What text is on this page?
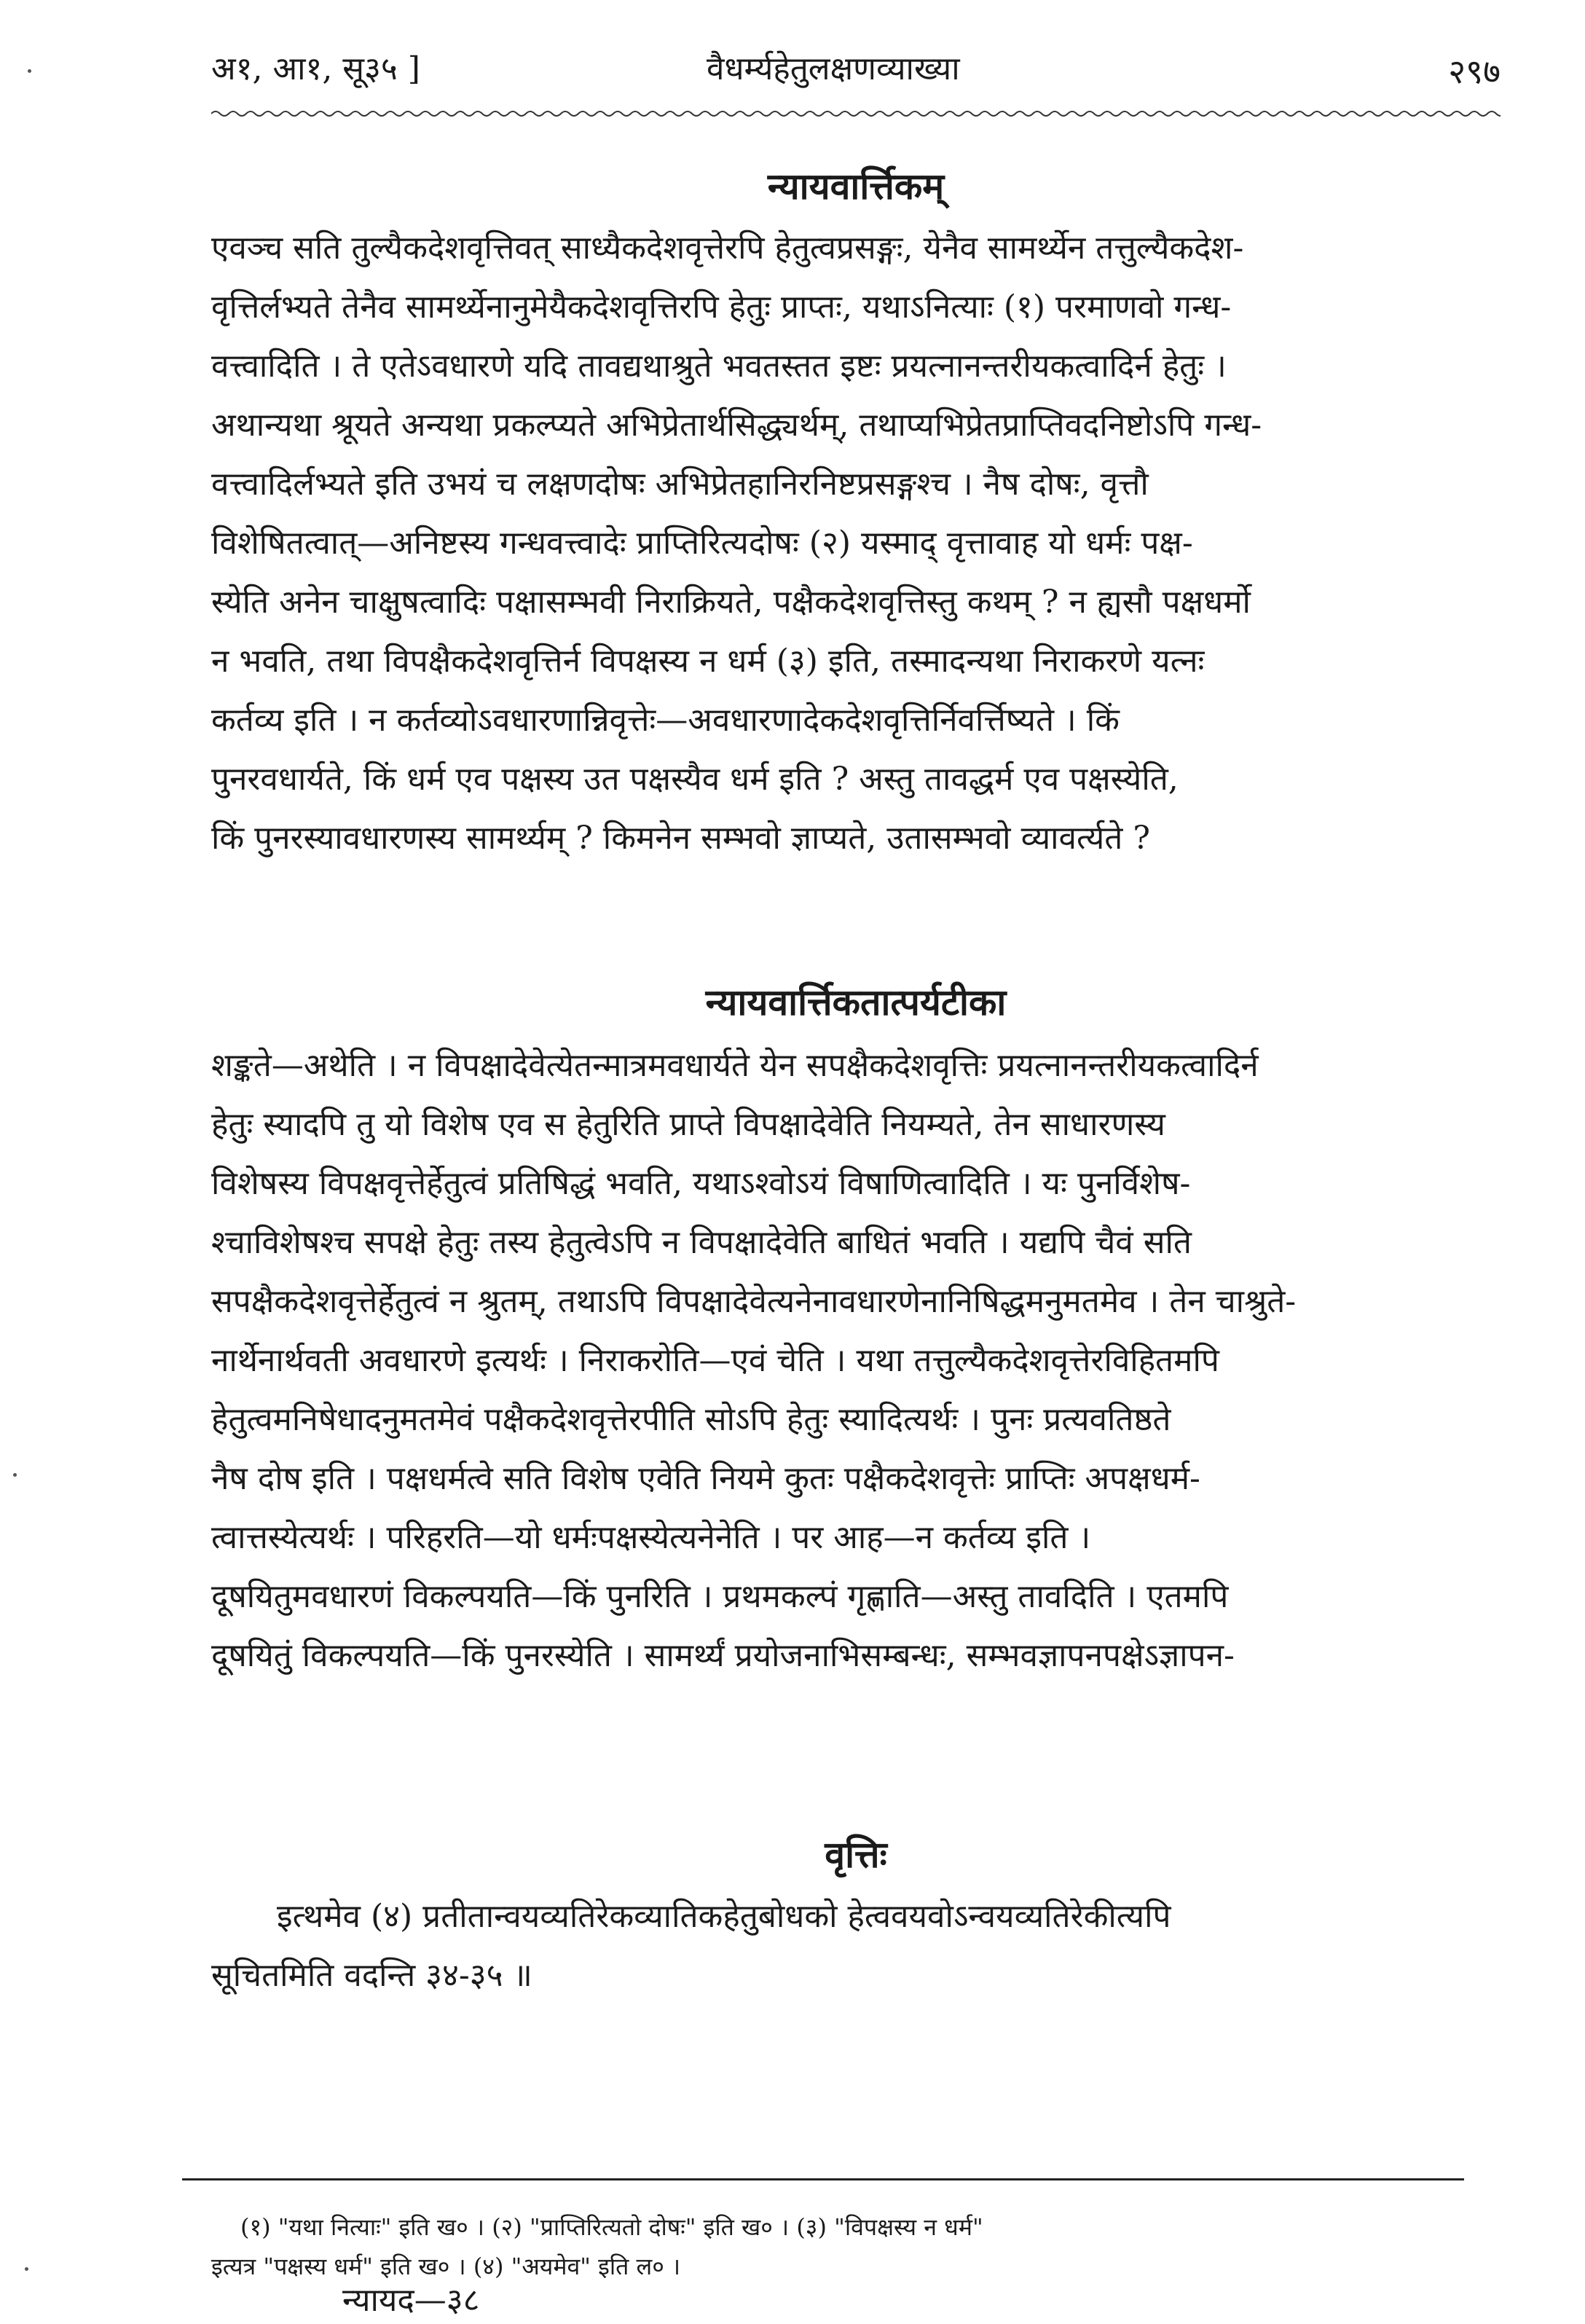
अ१, आ१, सू३५ ]	वैधर्म्यहेतुलक्षणव्याख्या	२९७
न्यायवार्त्तिकम्

एवञ्च सति तुल्यैकदेशवृत्तिवत् साध्यैकदेशवृत्तेरपि हेतुत्वप्रसङ्गः, येनैव सामर्थ्येन तत्तुल्यैकदेश-
वृत्तिर्लभ्यते तेनैव सामर्थ्येनानुमेयैकदेशवृत्तिरपि हेतुः प्राप्तः, यथाऽनित्याः (१) परमाणवो गन्ध-
वत्त्वादिति । ते एतेऽवधारणे यदि तावद्यथाश्रुते भवतस्तत इष्टः प्रयत्नानन्तरीयकत्वादिर्न हेतुः ।
अथान्यथा श्रूयते अन्यथा प्रकल्प्यते अभिप्रेतार्थसिद्ध्यर्थम्, तथाप्यभिप्रेतप्राप्तिवदनिष्टोऽपि गन्ध-
वत्त्वादिर्लभ्यते इति उभयं च लक्षणदोषः अभिप्रेतहानिरनिष्टप्रसङ्गश्च । नैष दोषः, वृत्तौ
विशेषितत्वात्—अनिष्टस्य गन्धवत्त्वादेः प्राप्तिरित्यदोषः (२) यस्माद् वृत्तावाह यो धर्मः पक्ष-
स्येति अनेन चाक्षुषत्वादिः पक्षासम्भवी निराक्रियते, पक्षैकदेशवृत्तिस्तु कथम् ? न ह्यसौ पक्षधर्मो
न भवति, तथा विपक्षैकदेशवृत्तिर्न विपक्षस्य न धर्म (३) इति, तस्मादन्यथा निराकरणे यत्नः
कर्तव्य इति । न कर्तव्योऽवधारणान्निवृत्तेः—अवधारणादेकदेशवृत्तिर्निवर्त्तिष्यते । किं
पुनरवधार्यते, किं धर्म एव पक्षस्य उत पक्षस्यैव धर्म इति ? अस्तु तावद्धर्म एव पक्षस्येति,
किं पुनरस्यावधारणस्य सामर्थ्यम् ? किमनेन सम्भवो ज्ञाप्यते, उतासम्भवो व्यावर्त्यते ?

न्यायवार्त्तिकतात्पर्यटीका

शङ्कते—अथेति । न विपक्षादेवेत्येतन्मात्रमवधार्यते येन सपक्षैकदेशवृत्तिः प्रयत्नानन्तरीयकत्वादिर्न
हेतुः स्यादपि तु यो विशेष एव स हेतुरिति प्राप्ते विपक्षादेवेति नियम्यते, तेन साधारणस्य
विशेषस्य विपक्षवृत्तेर्हेतुत्वं प्रतिषिद्धं भवति, यथाऽश्वोऽयं विषाणित्वादिति । यः पुनर्विशेष-
श्चाविशेषश्च सपक्षे हेतुः तस्य हेतुत्वेऽपि न विपक्षादेवेति बाधितं भवति । यद्यपि चैवं सति
सपक्षैकदेशवृत्तेर्हेतुत्वं न श्रुतम्, तथाऽपि विपक्षादेवेत्यनेनावधारणेनानिषिद्धमनुमतमेव । तेन चाश्रुते-
नार्थेनार्थवती अवधारणे इत्यर्थः । निराकरोति—एवं चेति । यथा तत्तुल्यैकदेशवृत्तेरविहितमपि
हेतुत्वमनिषेधादनुमतमेवं पक्षैकदेशवृत्तेरपीति सोऽपि हेतुः स्यादित्यर्थः । पुनः प्रत्यवतिष्ठते
नैष दोष इति । पक्षधर्मत्वे सति विशेष एवेति नियमे कुतः पक्षैकदेशवृत्तेः प्राप्तिः अपक्षधर्म-
त्वात्तस्येत्यर्थः । परिहरति—यो धर्मःपक्षस्येत्यनेनेति । पर आह—न कर्तव्य इति ।
दूषयितुमवधारणं विकल्पयति—किं पुनरिति । प्रथमकल्पं गृह्णाति—अस्तु तावदिति । एतमपि
दूषयितुं विकल्पयति—किं पुनरस्येति । सामर्थ्यं प्रयोजनाभिसम्बन्धः, सम्भवज्ञापनपक्षेऽज्ञापन-

वृत्तिः

इत्थमेव (४) प्रतीतान्वयव्यतिरेकव्यातिकहेतुबोधको हेत्ववयवोऽन्वयव्यतिरेकीत्यपि
सूचितमिति वदन्ति ३४-३५ ॥

(१) "यथा नित्याः" इति ख० । (२) "प्राप्तिरित्यतो दोषः" इति ख० । (३) "विपक्षस्य न धर्म"
इत्यत्र "पक्षस्य धर्म" इति ख० । (४) "अयमेव" इति ल० ।
न्यायद—३८
